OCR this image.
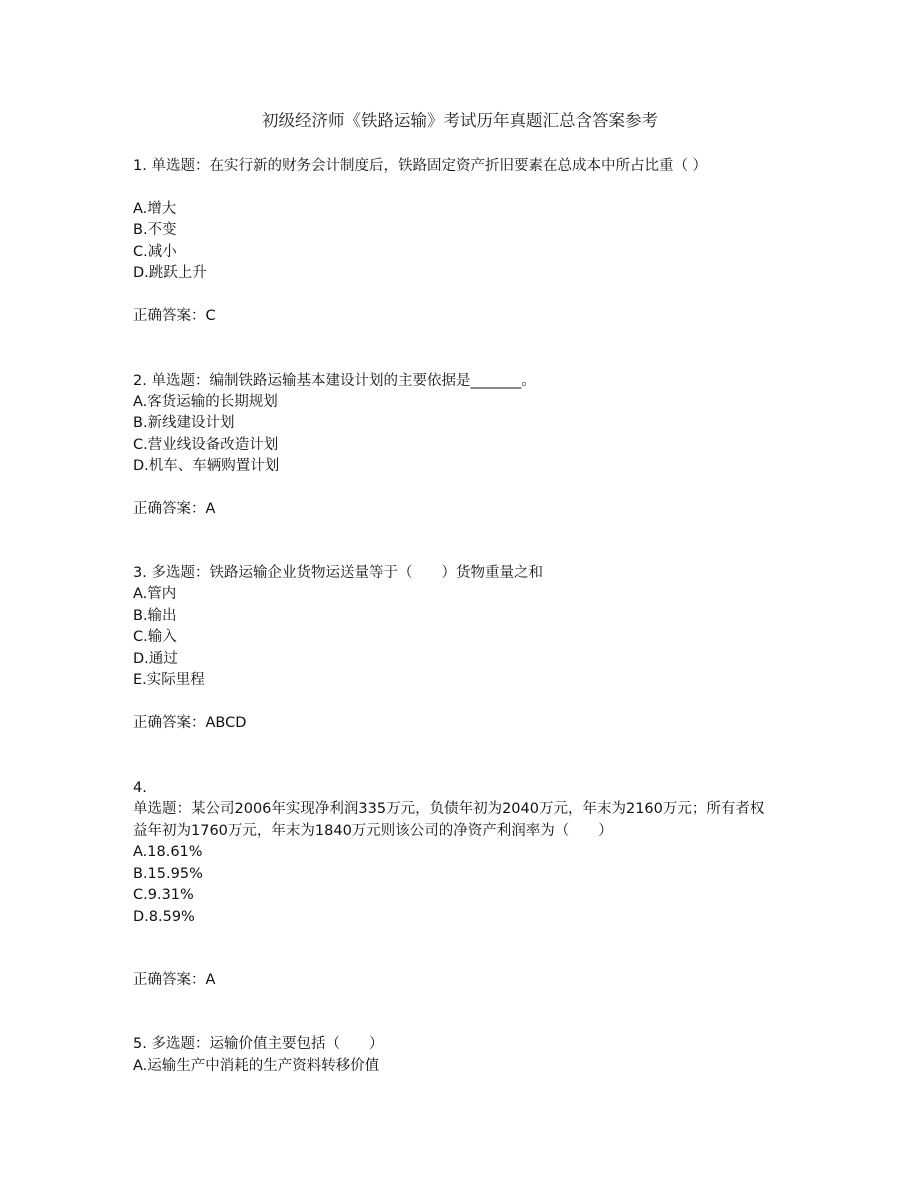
初级经济师《铁路运输》考试历年真题汇总含答案参考
1. 单选题：在实行新的财务会计制度后，铁路固定资产折旧要素在总成本中所占比重（ ）
A.增大
B.不变
C.减小
D.跳跃上升
正确答案：C
2. 单选题：编制铁路运输基本建设计划的主要依据是_______。
A.客货运输的长期规划
B.新线建设计划
C.营业线设备改造计划
D.机车、车辆购置计划
正确答案：A
3. 多选题：铁路运输企业货物运送量等于（　　）货物重量之和
A.管内
B.输出
C.输入
D.通过
E.实际里程
正确答案：ABCD
4.
单选题：某公司2006年实现净利润335万元，负债年初为2040万元，年末为2160万元；所有者权益年初为1760万元，年末为1840万元则该公司的净资产利润率为（　　）
A.18.61%
B.15.95%
C.9.31%
D.8.59%
正确答案：A
5. 多选题：运输价值主要包括（　　）
A.运输生产中消耗的生产资料转移价值
